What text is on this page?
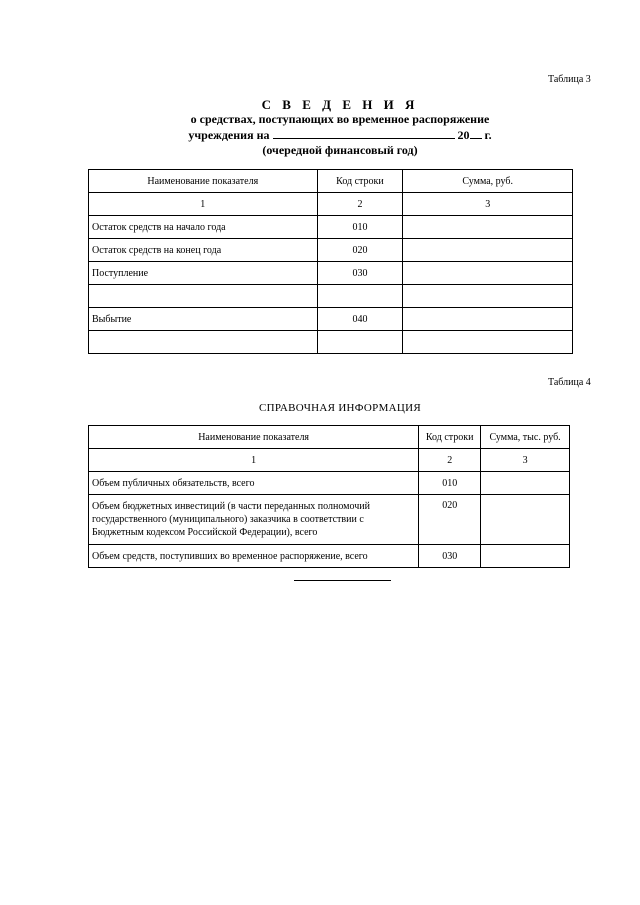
Таблица 3
С В Е Д Е Н И Я
о средствах, поступающих во временное распоряжение
учреждения на	20 г.
(очередной финансовый год)
Наименование показателя	Код строки	Сумма, руб.
1	2	3
Остаток средств на начало года	010	
Остаток средств на конец года	020	
Поступление	030	

Выбытие	040	

Таблица 4
СПРАВОЧНАЯ ИНФОРМАЦИЯ
Наименование показателя	Код строки	Сумма, тыс. руб.
1	2	3
Объем публичных обязательств, всего	010	
Объем бюджетных инвестиций (в части переданных полномочий государственного (муниципального) заказчика в соответствии с Бюджетным кодексом Российской Федерации), всего	020	
Объем средств, поступивших во временное распоряжение, всего	030	
